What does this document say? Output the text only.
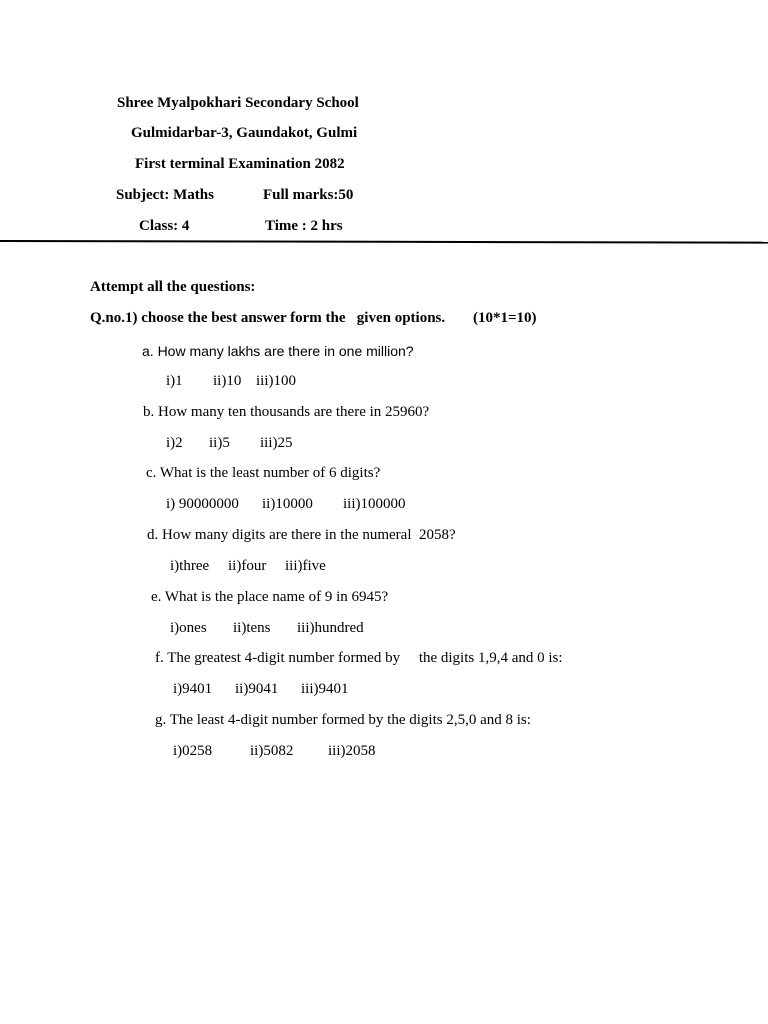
Shree Myalpokhari Secondary School
Gulmidarbar-3, Gaundakot, Gulmi
First terminal Examination 2082
Subject: Maths	Full marks:50
Class: 4	Time : 2 hrs
Attempt all the questions:
Q.no.1) choose the best answer form the   given options. (10*1=10)
a. How many lakhs are there in one million?
i)1 ii)10 iii)100
b. How many ten thousands are there in 25960?
i)2 ii)5 iii)25
c. What is the least number of 6 digits?
i) 90000000 ii)10000 iii)100000
d. How many digits are there in the numeral  2058?
i)three ii)four iii)five
e. What is the place name of 9 in 6945?
i)ones ii)tens iii)hundred
f. The greatest 4-digit number formed by     the digits 1,9,4 and 0 is:
i)9401 ii)9041 iii)9401
g. The least 4-digit number formed by the digits 2,5,0 and 8 is:
i)0258	ii)5082 iii)2058
